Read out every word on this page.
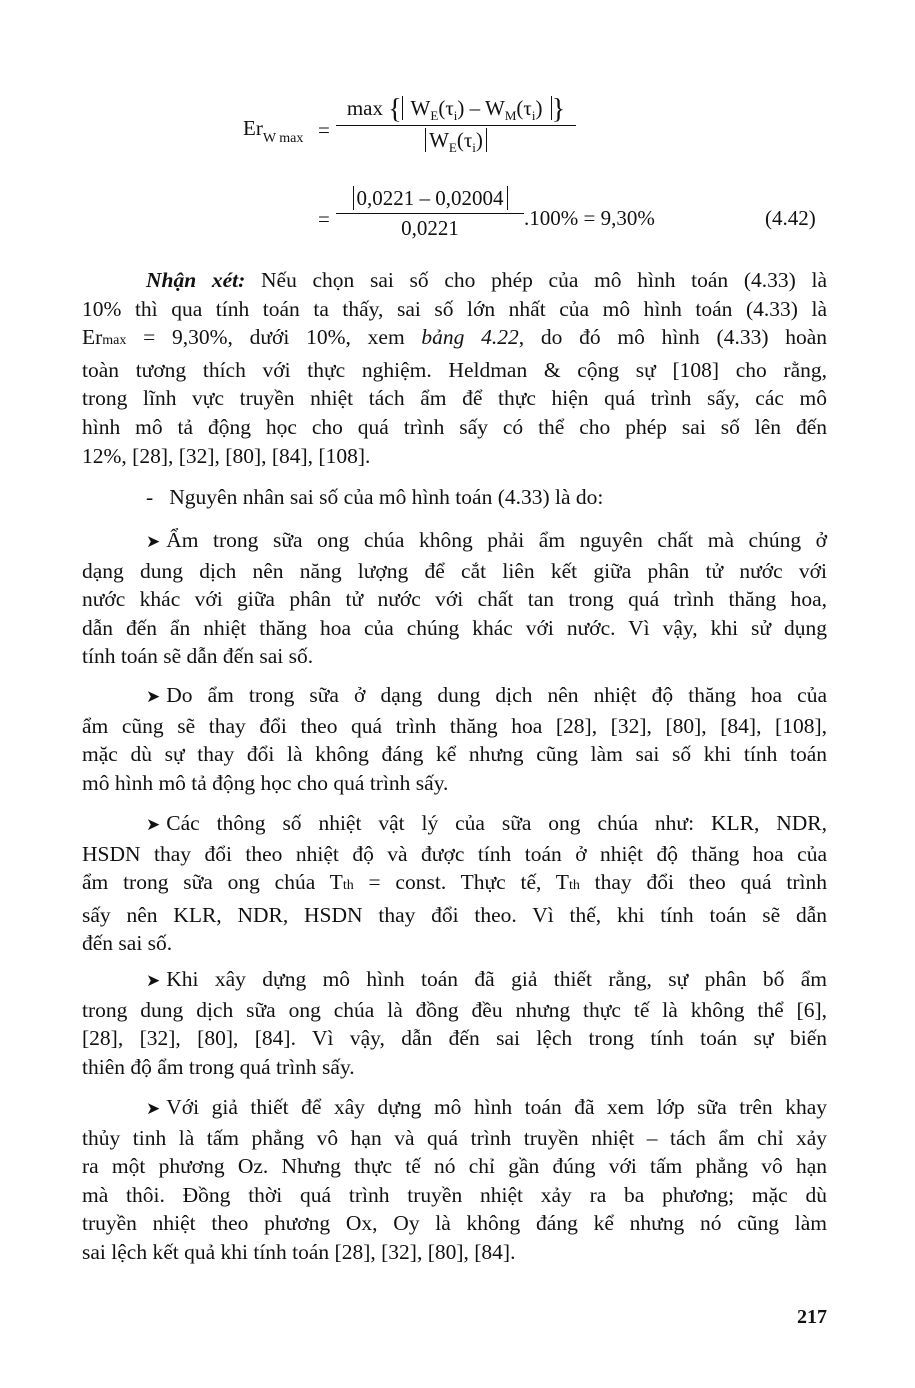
$Er_{W max}$ =
max { $W_E(\tau_i) - W_M(\tau_i)$ }
$W_E(\tau_i)$
=
0,0221 – 0,02004
0,0221	.100% = 9,30%	(4.42)
Nhận xét: Nếu chọn sai số cho phép của mô hình toán (4.33) là
10% thì qua tính toán ta thấy, sai số lớn nhất của mô hình toán (4.33) là
Ermax = 9,30%, dưới 10%, xem bảng 4.22, do đó mô hình (4.33) hoàn
toàn tương thích với thực nghiệm. Heldman & cộng sự [108] cho rằng,
trong lĩnh vực truyền nhiệt tách ẩm để thực hiện quá trình sấy, các mô
hình mô tả động học cho quá trình sấy có thể cho phép sai số lên đến
12%, [28], [32], [80], [84], [108].
-   Nguyên nhân sai số của mô hình toán (4.33) là do:
➤ Ẩm trong sữa ong chúa không phải ẩm nguyên chất mà chúng ở
dạng dung dịch nên năng lượng để cắt liên kết giữa phân tử nước với
nước khác với giữa phân tử nước với chất tan trong quá trình thăng hoa,
dẫn đến ẩn nhiệt thăng hoa của chúng khác với nước. Vì vậy, khi sử dụng
tính toán sẽ dẫn đến sai số.
➤ Do ẩm trong sữa ở dạng dung dịch nên nhiệt độ thăng hoa của
ẩm cũng sẽ thay đổi theo quá trình thăng hoa [28], [32], [80], [84], [108],
mặc dù sự thay đổi là không đáng kể nhưng cũng làm sai số khi tính toán
mô hình mô tả động học cho quá trình sấy.
➤ Các thông số nhiệt vật lý của sữa ong chúa như: KLR, NDR,
HSDN thay đổi theo nhiệt độ và được tính toán ở nhiệt độ thăng hoa của
ẩm trong sữa ong chúa Tth = const. Thực tế, Tth thay đổi theo quá trình
sấy nên KLR, NDR, HSDN thay đổi theo. Vì thế, khi tính toán sẽ dẫn
đến sai số.
➤ Khi xây dựng mô hình toán đã giả thiết rằng, sự phân bố ẩm
trong dung dịch sữa ong chúa là đồng đều nhưng thực tế là không thể [6],
[28], [32], [80], [84]. Vì vậy, dẫn đến sai lệch trong tính toán sự biến
thiên độ ẩm trong quá trình sấy.
➤ Với giả thiết để xây dựng mô hình toán đã xem lớp sữa trên khay
thủy tinh là tấm phẳng vô hạn và quá trình truyền nhiệt – tách ẩm chỉ xảy
ra một phương Oz. Nhưng thực tế nó chỉ gần đúng với tấm phẳng vô hạn
mà thôi. Đồng thời quá trình truyền nhiệt xảy ra ba phương; mặc dù
truyền nhiệt theo phương Ox, Oy là không đáng kể nhưng nó cũng làm
sai lệch kết quả khi tính toán [28], [32], [80], [84].
217
